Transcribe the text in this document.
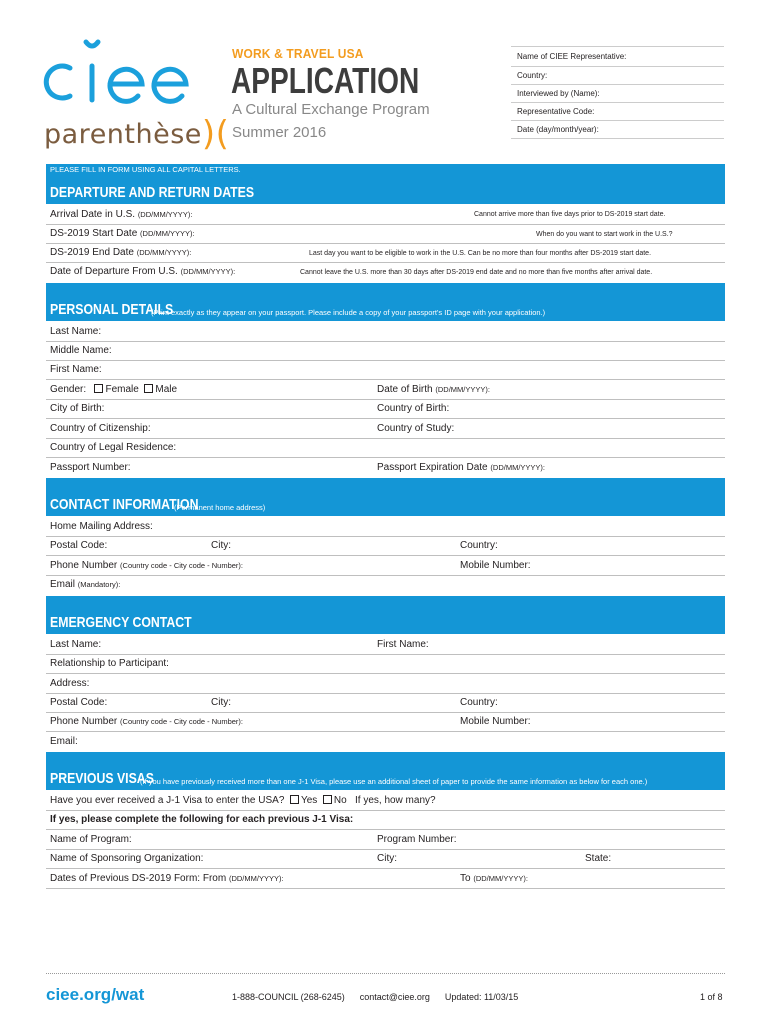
parenthèse)(
WORK & TRAVEL USA
APPLICATION
A Cultural Exchange Program
Summer 2016
Name of CIEE Representative:
Country:
Interviewed by (Name):
Representative Code:
Date (day/month/year):
PLEASE FILL IN FORM USING ALL CAPITAL LETTERS.
DEPARTURE AND RETURN DATES
Arrival Date in U.S. (DD/MM/YYYY):	Cannot arrive more than five days prior to DS-2019 start date.
DS-2019 Start Date (DD/MM/YYYY):	When do you want to start work in the U.S.?
DS-2019 End Date (DD/MM/YYYY):	Last day you want to be eligible to work in the U.S. Can be no more than four months after DS-2019 start date.
Date of Departure From U.S. (DD/MM/YYYY):	Cannot leave the U.S. more than 30 days after DS-2019 end date and no more than five months after arrival date.
PERSONAL DETAILS
(Print exactly as they appear on your passport. Please include a copy of your passport's ID page with your application.)
Last Name:
Middle Name:
First Name:
Gender: Female Male	Date of Birth (DD/MM/YYYY):
City of Birth:	Country of Birth:
Country of Citizenship:	Country of Study:
Country of Legal Residence:
Passport Number:	Passport Expiration Date (DD/MM/YYYY):
CONTACT INFORMATION
(Permanent home address)
Home Mailing Address:
Postal Code:	City:	Country:
Phone Number (Country code - City code - Number):	Mobile Number:
Email (Mandatory):
EMERGENCY CONTACT
Last Name:	First Name:
Relationship to Participant:
Address:
Postal Code:	City:	Country:
Phone Number (Country code - City code - Number):	Mobile Number:
Email:
PREVIOUS VISAS
(If you have previously received more than one J-1 Visa, please use an additional sheet of paper to provide the same information as below for each one.)
Have you ever received a J-1 Visa to enter the USA? Yes No If yes, how many?
If yes, please complete the following for each previous J-1 Visa:
Name of Program:	Program Number:
Name of Sponsoring Organization:	City:	State:
Dates of Previous DS-2019 Form: From (DD/MM/YYYY):	To (DD/MM/YYYY):
ciee.org/wat	1-888-COUNCIL (268-6245) contact@ciee.org Updated: 11/03/15	1 of 8
